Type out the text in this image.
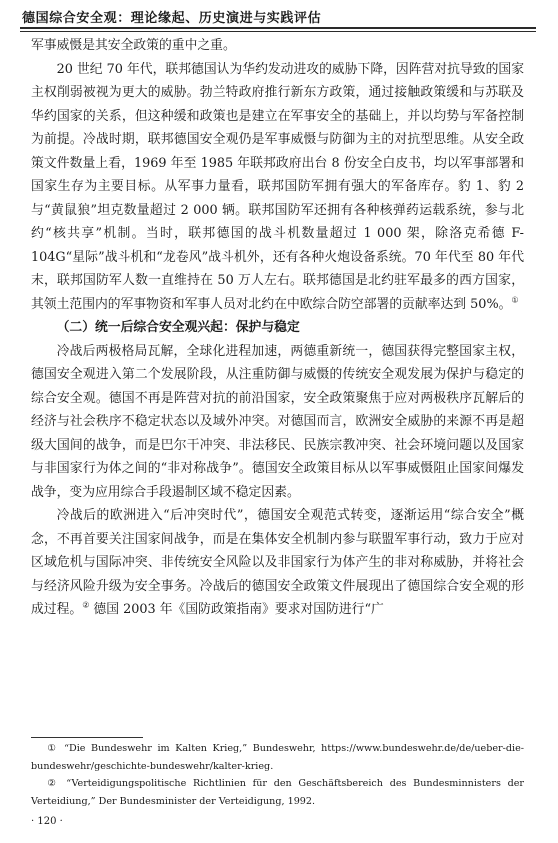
德国综合安全观：理论缘起、历史演进与实践评估

军事威慑是其安全政策的重中之重。

20 世纪 70 年代，联邦德国认为华约发动进攻的威胁下降，因阵营对抗导致的国家主权削弱被视为更大的威胁。勃兰特政府推行新东方政策，通过接触政策缓和与苏联及华约国家的关系，但这种缓和政策也是建立在军事安全的基础上，并以均势与军备控制为前提。冷战时期，联邦德国安全观仍是军事威慑与防御为主的对抗型思维。从安全政策文件数量上看，1969 年至 1985 年联邦政府出台 8 份安全白皮书，均以军事部署和国家生存为主要目标。从军事力量看，联邦国防军拥有强大的军备库存。豹 1、豹 2 与“黄鼠狼”坦克数量超过 2 000 辆。联邦国防军还拥有各种核弹药运载系统，参与北约“核共享”机制。当时，联邦德国的战斗机数量超过 1 000 架，除洛克希德 F-104G“星际”战斗机和“龙卷风”战斗机外，还有各种火炮设备系统。70 年代至 80 年代末，联邦国防军人数一直维持在 50 万人左右。联邦德国是北约驻军最多的西方国家，其领土范围内的军事物资和军事人员对北约在中欧综合防空部署的贡献率达到 50%。①

（二）统一后综合安全观兴起：保护与稳定

冷战后两极格局瓦解，全球化进程加速，两德重新统一，德国获得完整国家主权，德国安全观进入第二个发展阶段，从注重防御与威慑的传统安全观发展为保护与稳定的综合安全观。德国不再是阵营对抗的前沿国家，安全政策聚焦于应对两极秩序瓦解后的经济与社会秩序不稳定状态以及域外冲突。对德国而言，欧洲安全威胁的来源不再是超级大国间的战争，而是巴尔干冲突、非法移民、民族宗教冲突、社会环境问题以及国家与非国家行为体之间的“非对称战争”。德国安全政策目标从以军事威慑阻止国家间爆发战争，变为应用综合手段遏制区域不稳定因素。

冷战后的欧洲进入“后冲突时代”，德国安全观范式转变，逐渐运用“综合安全”概念，不再首要关注国家间战争，而是在集体安全机制内参与联盟军事行动，致力于应对区域危机与国际冲突、非传统安全风险以及非国家行为体产生的非对称威胁，并将社会与经济风险升级为安全事务。冷战后的德国安全政策文件展现出了德国综合安全观的形成过程。② 德国 2003 年《国防政策指南》要求对国防进行“广

① “Die Bundeswehr im Kalten Krieg,” Bundeswehr, https://www.bundeswehr.de/de/ueber-die-bundeswehr/geschichte-bundeswehr/kalter-krieg.

② “Verteidigungspolitische Richtlinien für den Geschäftsbereich des Bundesminnisters der Verteidiung,” Der Bundesminister der Verteidigung, 1992.

· 120 ·
